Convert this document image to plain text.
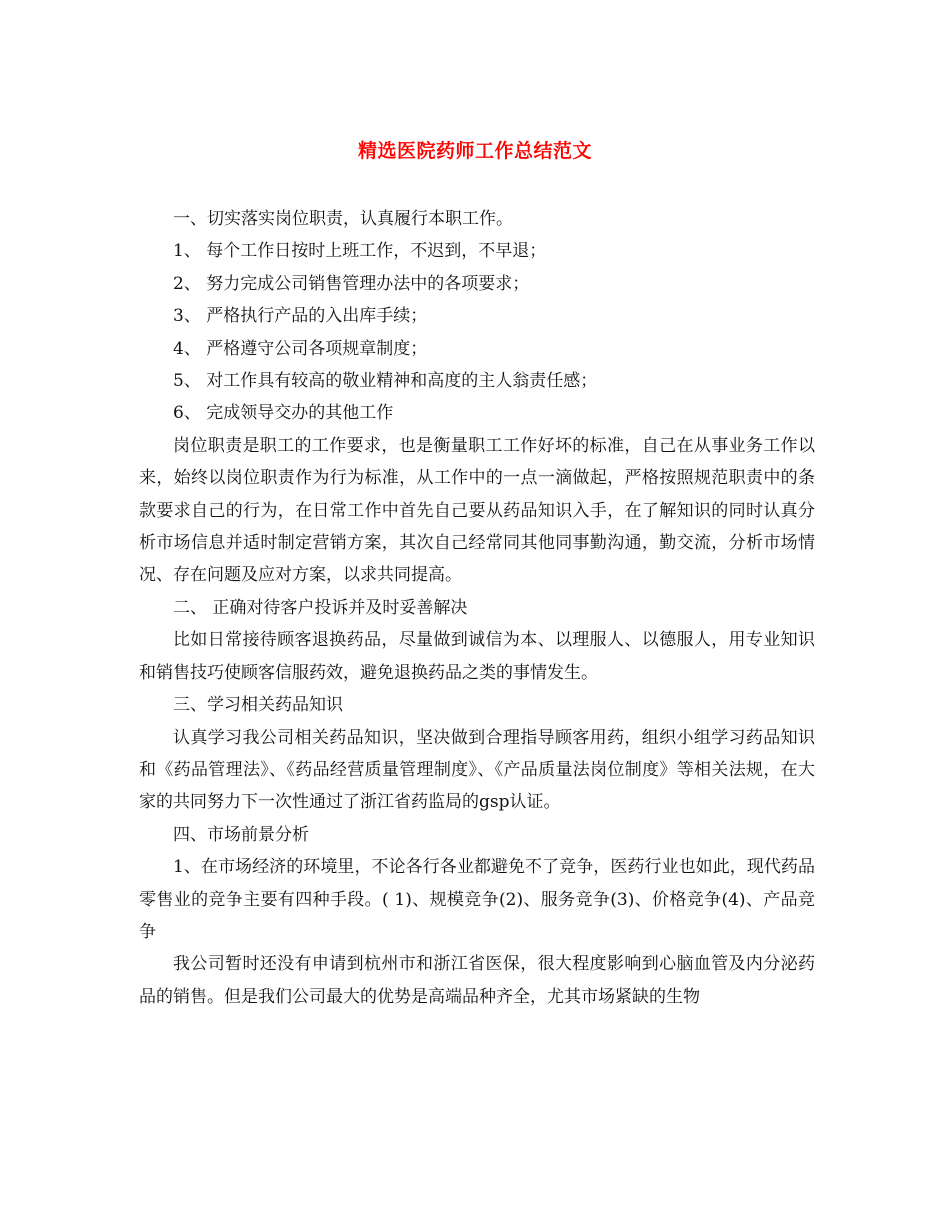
精选医院药师工作总结范文

一、切实落实岗位职责，认真履行本职工作。

1、 每个工作日按时上班工作，不迟到，不早退；

2、 努力完成公司销售管理办法中的各项要求；

3、 严格执行产品的入出库手续；

4、 严格遵守公司各项规章制度；

5、 对工作具有较高的敬业精神和高度的主人翁责任感；

6、 完成领导交办的其他工作

岗位职责是职工的工作要求，也是衡量职工工作好坏的标准，自己在从事业务工作以来，始终以岗位职责作为行为标准，从工作中的一点一滴做起，严格按照规范职责中的条款要求自己的行为，在日常工作中首先自己要从药品知识入手，在了解知识的同时认真分析市场信息并适时制定营销方案，其次自己经常同其他同事勤沟通，勤交流，分析市场情况、存在问题及应对方案，以求共同提高。

二、 正确对待客户投诉并及时妥善解决

比如日常接待顾客退换药品，尽量做到诚信为本、以理服人、以德服人，用专业知识和销售技巧使顾客信服药效，避免退换药品之类的事情发生。

三、学习相关药品知识

认真学习我公司相关药品知识，坚决做到合理指导顾客用药，组织小组学习药品知识和《药品管理法》、《药品经营质量管理制度》、《产品质量法岗位制度》等相关法规，在大家的共同努力下一次性通过了浙江省药监局的gsp认证。

四、市场前景分析

1、在市场经济的环境里，不论各行各业都避免不了竞争，医药行业也如此，现代药品零售业的竞争主要有四种手段。( 1)、规模竞争(2)、服务竞争(3)、价格竞争(4)、产品竞争

我公司暂时还没有申请到杭州市和浙江省医保，很大程度影响到心脑血管及内分泌药品的销售。但是我们公司最大的优势是高端品种齐全，尤其市场紧缺的生物
